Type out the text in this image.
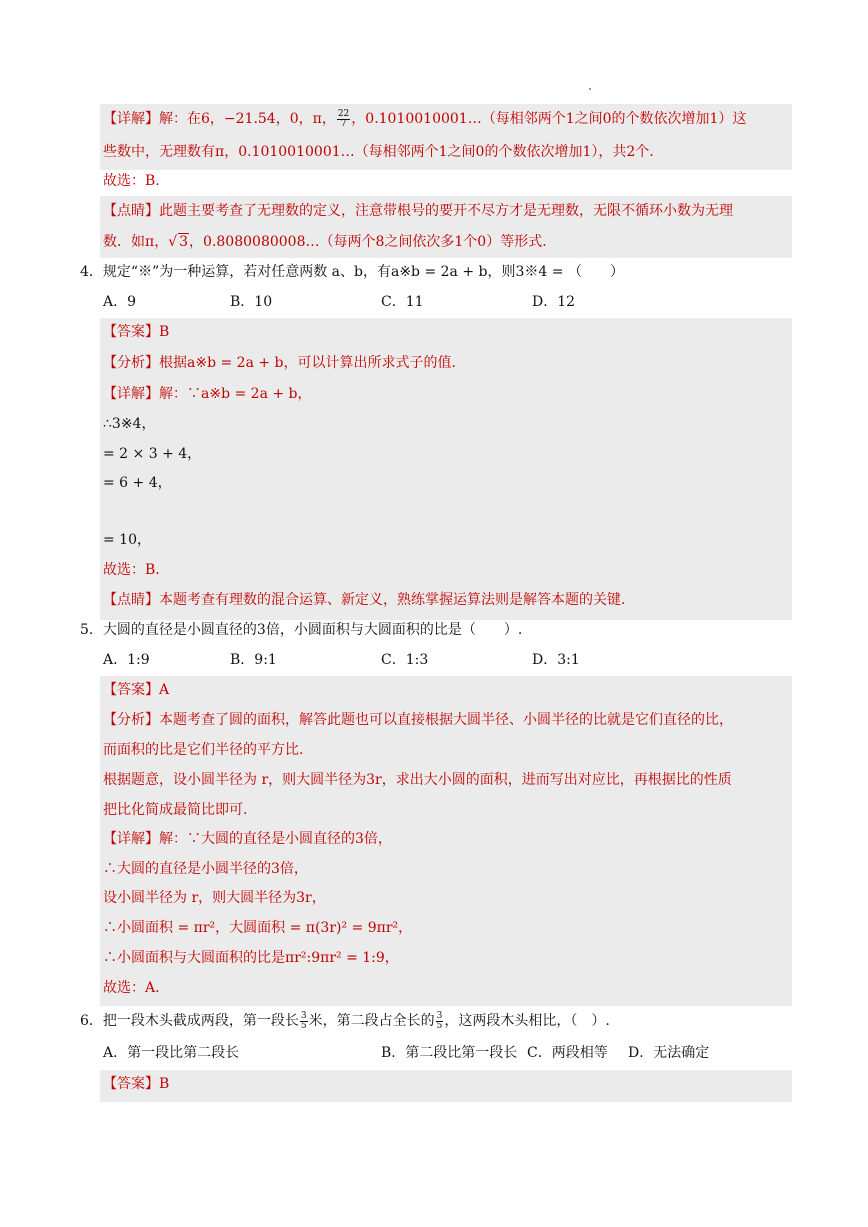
【详解】解：在6，−21.54，0，π， $\frac{22}{7}$ ，0.1010010001…（每相邻两个1之间0的个数依次增加1）这
些数中，无理数有π，0.1010010001…（每相邻两个1之间0的个数依次增加1），共2个.
故选：B.
【点睛】此题主要考查了无理数的定义，注意带根号的要开不尽方才是无理数，无限不循环小数为无理
数．如π，√ 3，0.8080080008…（每两个8之间依次多1个0）等形式.
4．规定“※”为一种运算，若对任意两数 a、b，有a※b = 2a + b，则3※4 = （　　）
A．9	B．10	C．11	D．12
【答案】B
【分析】根据a※b = 2a + b，可以计算出所求式子的值.
【详解】解：∵a※b = 2a + b，
∴3※4，
= 2 × 3 + 4，
= 6 + 4，
= 10，
故选：B.
【点睛】本题考查有理数的混合运算、新定义，熟练掌握运算法则是解答本题的关键.
5．大圆的直径是小圆直径的3倍，小圆面积与大圆面积的比是（　　）.
A．1:9	B．9:1	C．1:3	D．3:1
【答案】A
【分析】本题考查了圆的面积，解答此题也可以直接根据大圆半径、小圆半径的比就是它们直径的比，
而面积的比是它们半径的平方比.
根据题意，设小圆半径为 r，则大圆半径为3r，求出大小圆的面积，进而写出对应比，再根据比的性质
把比化简成最简比即可.
【详解】解：∵大圆的直径是小圆直径的3倍，
∴大圆的直径是小圆半径的3倍，
设小圆半径为 r，则大圆半径为3r，
∴小圆面积 = πr²，大圆面积 = π(3r)² = 9πr²，
∴小圆面积与大圆面积的比是πr²:9πr² = 1:9，
故选：A.
6．把一段木头截成两段，第一段长 $\frac{3}{5}$ 米，第二段占全长的 $\frac{3}{5}$ ，这两段木头相比，（　）.
A．第一段比第二段长	B．第二段比第一段长 C．两段相等 D．无法确定
【答案】B
